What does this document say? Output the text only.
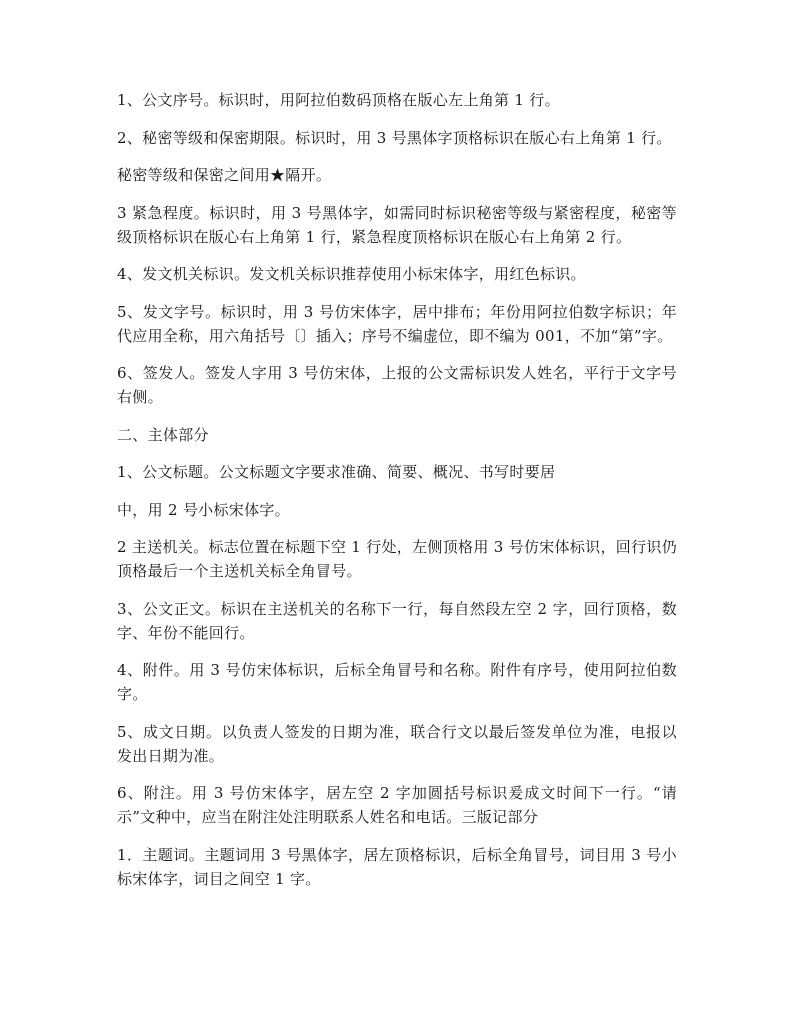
1、公文序号。标识时，用阿拉伯数码顶格在版心左上角第 1 行。

2、秘密等级和保密期限。标识时，用 3 号黑体字顶格标识在版心右上角第 1 行。

秘密等级和保密之间用★隔开。

3 紧急程度。标识时，用 3 号黑体字，如需同时标识秘密等级与紧密程度，秘密等级顶格标识在版心右上角第 1 行，紧急程度顶格标识在版心右上角第 2 行。

4、发文机关标识。发文机关标识推荐使用小标宋体字，用红色标识。

5、发文字号。标识时，用 3 号仿宋体字，居中排布；年份用阿拉伯数字标识；年代应用全称，用六角括号〔〕插入；序号不编虚位，即不编为 001，不加“第”字。

6、签发人。签发人字用 3 号仿宋体，上报的公文需标识发人姓名，平行于文字号右侧。

二、主体部分

1、公文标题。公文标题文字要求准确、简要、概况、书写时要居

中，用 2 号小标宋体字。

2 主送机关。标志位置在标题下空 1 行处，左侧顶格用 3 号仿宋体标识，回行识仍顶格最后一个主送机关标全角冒号。

3、公文正文。标识在主送机关的名称下一行，每自然段左空 2 字，回行顶格，数字、年份不能回行。

4、附件。用 3 号仿宋体标识，后标全角冒号和名称。附件有序号，使用阿拉伯数字。

5、成文日期。以负责人签发的日期为准，联合行文以最后签发单位为准，电报以发出日期为准。

6、附注。用 3 号仿宋体字，居左空 2 字加圆括号标识爰成文时间下一行。“请示”文种中，应当在附注处注明联系人姓名和电话。三版记部分

1．主题词。主题词用 3 号黑体字，居左顶格标识，后标全角冒号，词目用 3 号小标宋体字，词目之间空 1 字。
